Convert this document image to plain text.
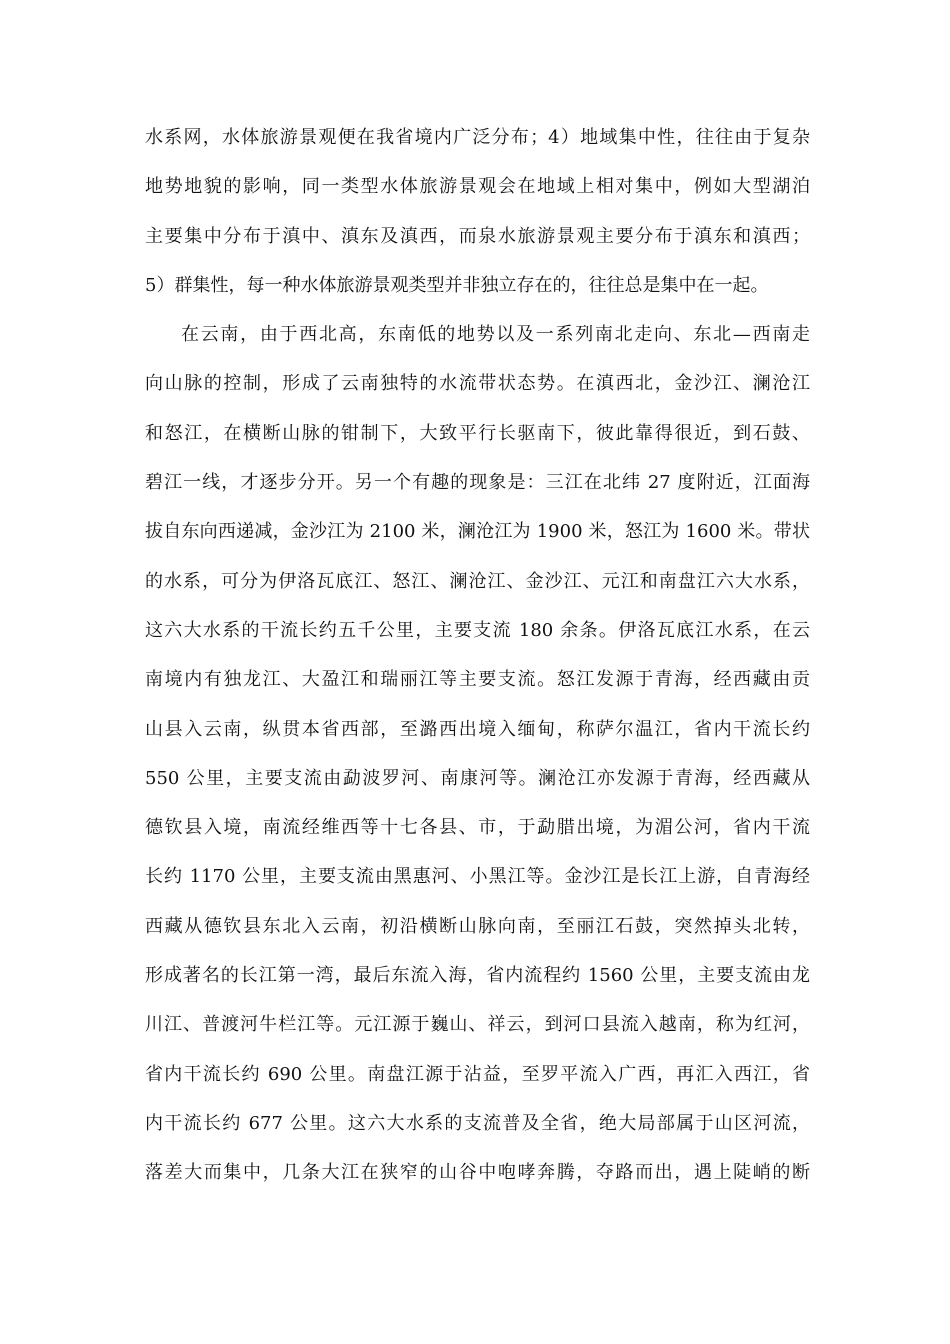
水系网，水体旅游景观便在我省境内广泛分布；4）地域集中性，往往由于复杂
地势地貌的影响，同一类型水体旅游景观会在地域上相对集中，例如大型湖泊
主要集中分布于滇中、滇东及滇西，而泉水旅游景观主要分布于滇东和滇西；
5）群集性，每一种水体旅游景观类型并非独立存在的，往往总是集中在一起。
在云南，由于西北高，东南低的地势以及一系列南北走向、东北—西南走
向山脉的控制，形成了云南独特的水流带状态势。在滇西北，金沙江、澜沧江
和怒江，在横断山脉的钳制下，大致平行长驱南下，彼此靠得很近，到石鼓、
碧江一线，才逐步分开。另一个有趣的现象是：三江在北纬 27 度附近，江面海
拔自东向西递减，金沙江为 2100 米，澜沧江为 1900 米，怒江为 1600 米。带状
的水系，可分为伊洛瓦底江、怒江、澜沧江、金沙江、元江和南盘江六大水系，
这六大水系的干流长约五千公里，主要支流 180 余条。伊洛瓦底江水系，在云
南境内有独龙江、大盈江和瑞丽江等主要支流。怒江发源于青海，经西藏由贡
山县入云南，纵贯本省西部，至潞西出境入缅甸，称萨尔温江，省内干流长约
550 公里，主要支流由勐波罗河、南康河等。澜沧江亦发源于青海，经西藏从
德钦县入境，南流经维西等十七各县、市，于勐腊出境，为湄公河，省内干流
长约 1170 公里，主要支流由黑惠河、小黑江等。金沙江是长江上游，自青海经
西藏从德钦县东北入云南，初沿横断山脉向南，至丽江石鼓，突然掉头北转，
形成著名的长江第一湾，最后东流入海，省内流程约 1560 公里，主要支流由龙
川江、普渡河牛栏江等。元江源于巍山、祥云，到河口县流入越南，称为红河，
省内干流长约 690 公里。南盘江源于沾益，至罗平流入广西，再汇入西江，省
内干流长约 677 公里。这六大水系的支流普及全省，绝大局部属于山区河流，
落差大而集中，几条大江在狭窄的山谷中咆哮奔腾，夺路而出，遇上陡峭的断
